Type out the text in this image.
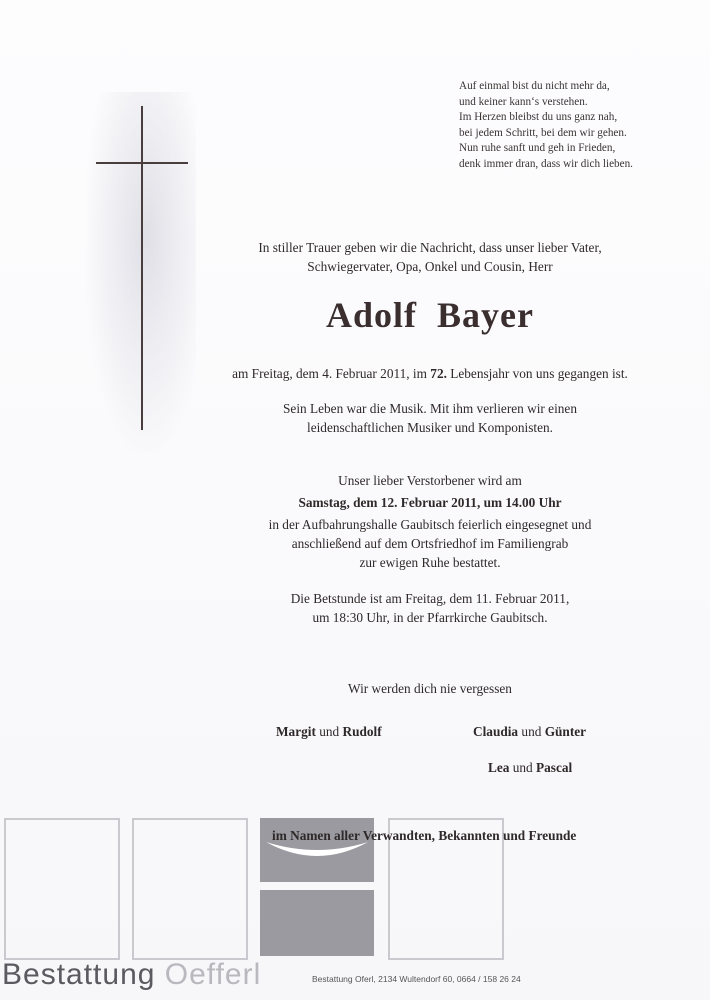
Auf einmal bist du nicht mehr da,
und keiner kann‘s verstehen.
Im Herzen bleibst du uns ganz nah,
bei jedem Schritt, bei dem wir gehen.
Nun ruhe sanft und geh in Frieden,
denk immer dran, dass wir dich lieben.
In stiller Trauer geben wir die Nachricht, dass unser lieber Vater,
Schwiegervater, Opa, Onkel und Cousin, Herr
Adolf Bayer
am Freitag, dem 4. Februar 2011, im 72. Lebensjahr von uns gegangen ist.
Sein Leben war die Musik. Mit ihm verlieren wir einen
leidenschaftlichen Musiker und Komponisten.
Unser lieber Verstorbener wird am
Samstag, dem 12. Februar 2011, um 14.00 Uhr
in der Aufbahrungshalle Gaubitsch feierlich eingesegnet und
anschließend auf dem Ortsfriedhof im Familiengrab
zur ewigen Ruhe bestattet.
Die Betstunde ist am Freitag, dem 11. Februar 2011,
um 18:30 Uhr, in der Pfarrkirche Gaubitsch.
Wir werden dich nie vergessen
Margit und Rudolf	Claudia und Günter
Lea und Pascal
im Namen aller Verwandten, Bekannten und Freunde
Bestattung Oefferl	Bestattung Oferl, 2134 Wultendorf 60, 0664 / 158 26 24
